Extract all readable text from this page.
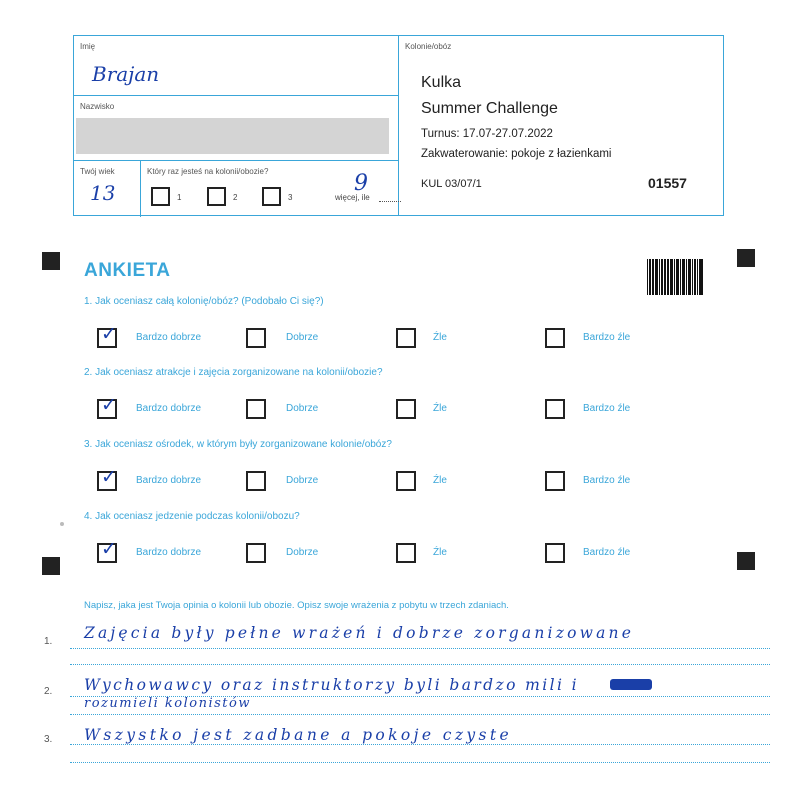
Imię
Brajan
Nazwisko
Twój wiek
13
Który raz jesteś na kolonii/obozie?
1	2	3	więcej, ile
9
Kolonie/obóz
Kulka
Summer Challenge
Turnus: 17.07-27.07.2022
Zakwaterowanie: pokoje z łazienkami
KUL 03/07/1	01557
ANKIETA
1. Jak oceniasz całą kolonię/obóz? (Podobało Ci się?)
✓ Bardzo dobrze	Dobrze	Źle	Bardzo źle
2. Jak oceniasz atrakcje i zajęcia zorganizowane na kolonii/obozie?
✓ Bardzo dobrze	Dobrze	Źle	Bardzo źle
3. Jak oceniasz ośrodek, w którym były zorganizowane kolonie/obóz?
✓ Bardzo dobrze	Dobrze	Źle	Bardzo źle
4. Jak oceniasz jedzenie podczas kolonii/obozu?
✓ Bardzo dobrze	Dobrze	Źle	Bardzo źle
Napisz, jaka jest Twoja opinia o kolonii lub obozie. Opisz swoje wrażenia z pobytu w trzech zdaniach.
1.
2.
3.
Zajęcia były pełne wrażeń i dobrze zorganizowane
Wychowawcy oraz instruktorzy byli bardzo mili i
rozumieli kolonistów
Wszystko jest zadbane a pokoje czyste
